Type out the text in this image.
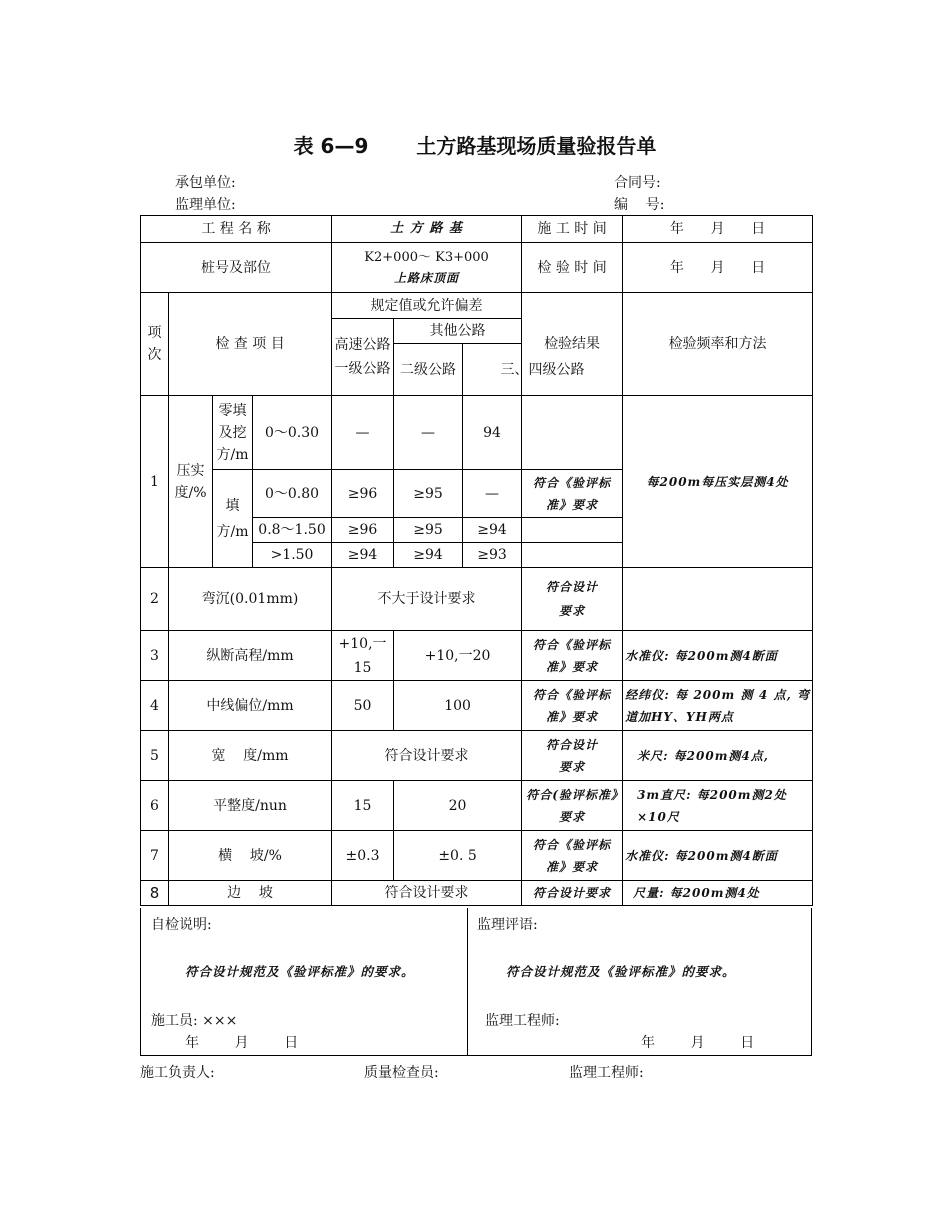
表 6—9 土方路基现场质量验报告单
承包单位:	合同号:
监理单位:	编    号:
工 程 名 称				土 方 路 基			施 工 时 间	年 月 日
桩号及部位				K2+000～ K3+000
上路床顶面			检 验 时 间	年 月 日
项次	检 查 项 目			规定值或允许偏差			检验结果	检验频率和方法
				高速公路一级公路	其他公路			
					二级公路	三、四级公路		
1	压实度/%	零填及挖方/m	0～0.30	—	—	94		每200m每压实层测4处
		填方/m	0～0.80	≥96	≥95	—	符合《验评标准》要求	
			0.8～1.50	≥96	≥95	≥94		
			>1.50	≥94	≥94	≥93		
2	弯沉(0.01mm)			不大于设计要求			符合设计要求	
3	纵断高程/mm			+10,一15	+10,一20		符合《验评标准》要求	水准仪: 每200m测4断面
4	中线偏位/mm			50	100		符合《验评标准》要求	经纬仪: 每 200m 测 4 点, 弯道加HY、YH两点
5	宽    度/mm			符合设计要求			符合设计要求	米尺: 每200m测4点,
6	平整度/nun			15	20		符合(验评标准》要求	3m直尺: 每200m测2处×10尺
7	横    坡/%			±0.3	±0. 5		符合《验评标准》要求	水准仪: 每200m测4断面
8	边    坡			符合设计要求			符合设计要求	尺量: 每200m测4处
自检说明:
符合设计规范及《验评标准》的要求。
施工员: ×××
年	月	日
监理评语:
符合设计规范及《验评标准》的要求。
监理工程师:
年	月	日
施工负责人:	质量检查员:	监理工程师:
